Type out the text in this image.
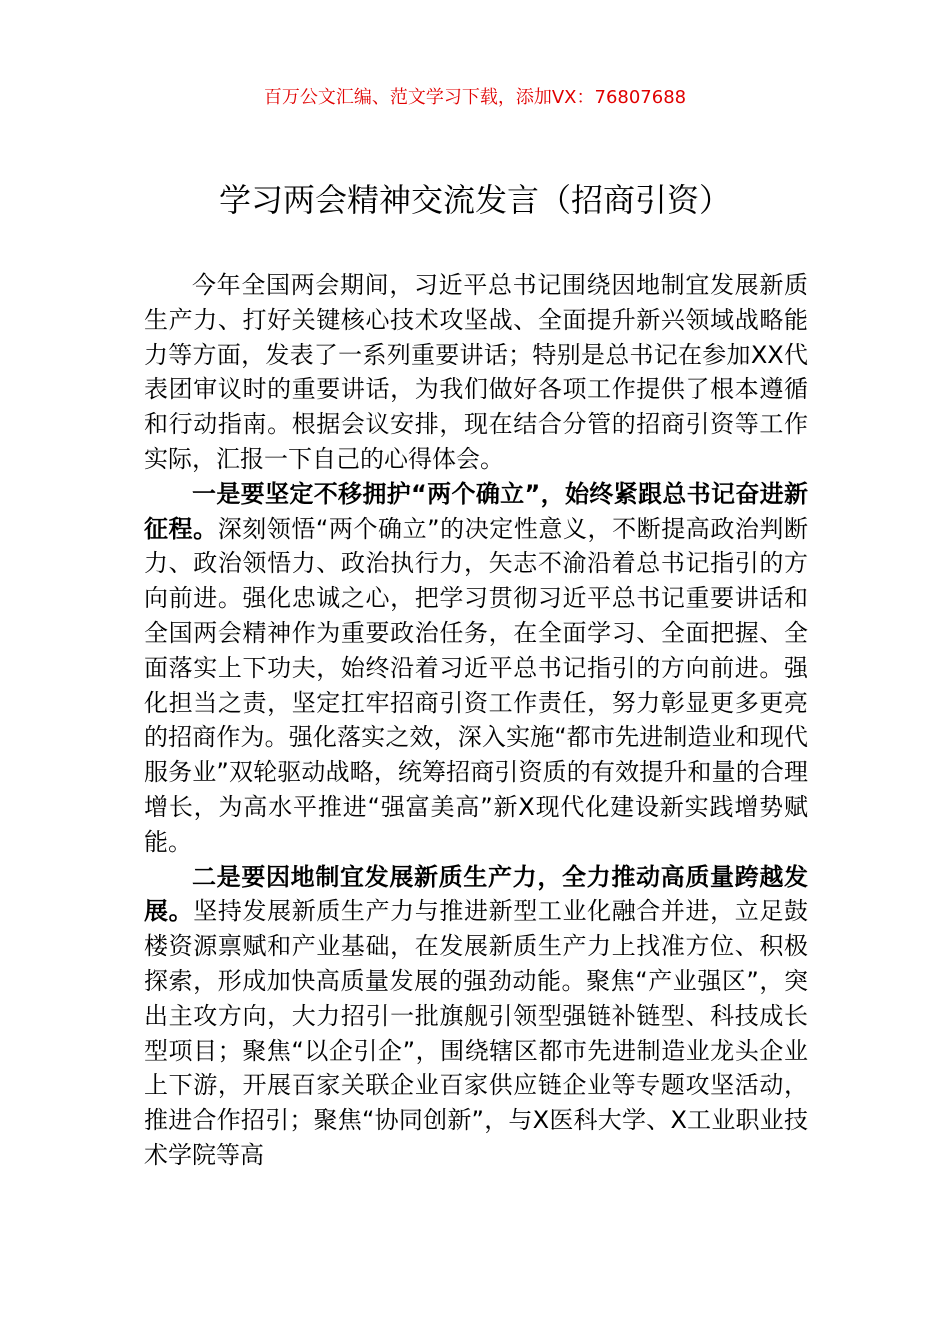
百万公文汇编、范文学习下载，添加VX：76807688
学习两会精神交流发言（招商引资）

今年全国两会期间，习近平总书记围绕因地制宜发展新质生产力、打好关键核心技术攻坚战、全面提升新兴领域战略能力等方面，发表了一系列重要讲话；特别是总书记在参加XX代表团审议时的重要讲话，为我们做好各项工作提供了根本遵循和行动指南。根据会议安排，现在结合分管的招商引资等工作实际，汇报一下自己的心得体会。

一是要坚定不移拥护“两个确立”，始终紧跟总书记奋进新征程。深刻领悟“两个确立”的决定性意义，不断提高政治判断力、政治领悟力、政治执行力，矢志不渝沿着总书记指引的方向前进。强化忠诚之心，把学习贯彻习近平总书记重要讲话和全国两会精神作为重要政治任务，在全面学习、全面把握、全面落实上下功夫，始终沿着习近平总书记指引的方向前进。强化担当之责，坚定扛牢招商引资工作责任，努力彰显更多更亮的招商作为。强化落实之效，深入实施“都市先进制造业和现代服务业”双轮驱动战略，统筹招商引资质的有效提升和量的合理增长，为高水平推进“强富美高”新X现代化建设新实践增势赋能。

二是要因地制宜发展新质生产力，全力推动高质量跨越发展。坚持发展新质生产力与推进新型工业化融合并进，立足鼓楼资源禀赋和产业基础，在发展新质生产力上找准方位、积极探索，形成加快高质量发展的强劲动能。聚焦“产业强区”，突出主攻方向，大力招引一批旗舰引领型强链补链型、科技成长型项目；聚焦“以企引企”，围绕辖区都市先进制造业龙头企业上下游，开展百家关联企业百家供应链企业等专题攻坚活动，推进合作招引；聚焦“协同创新”，与X医科大学、X工业职业技术学院等高
